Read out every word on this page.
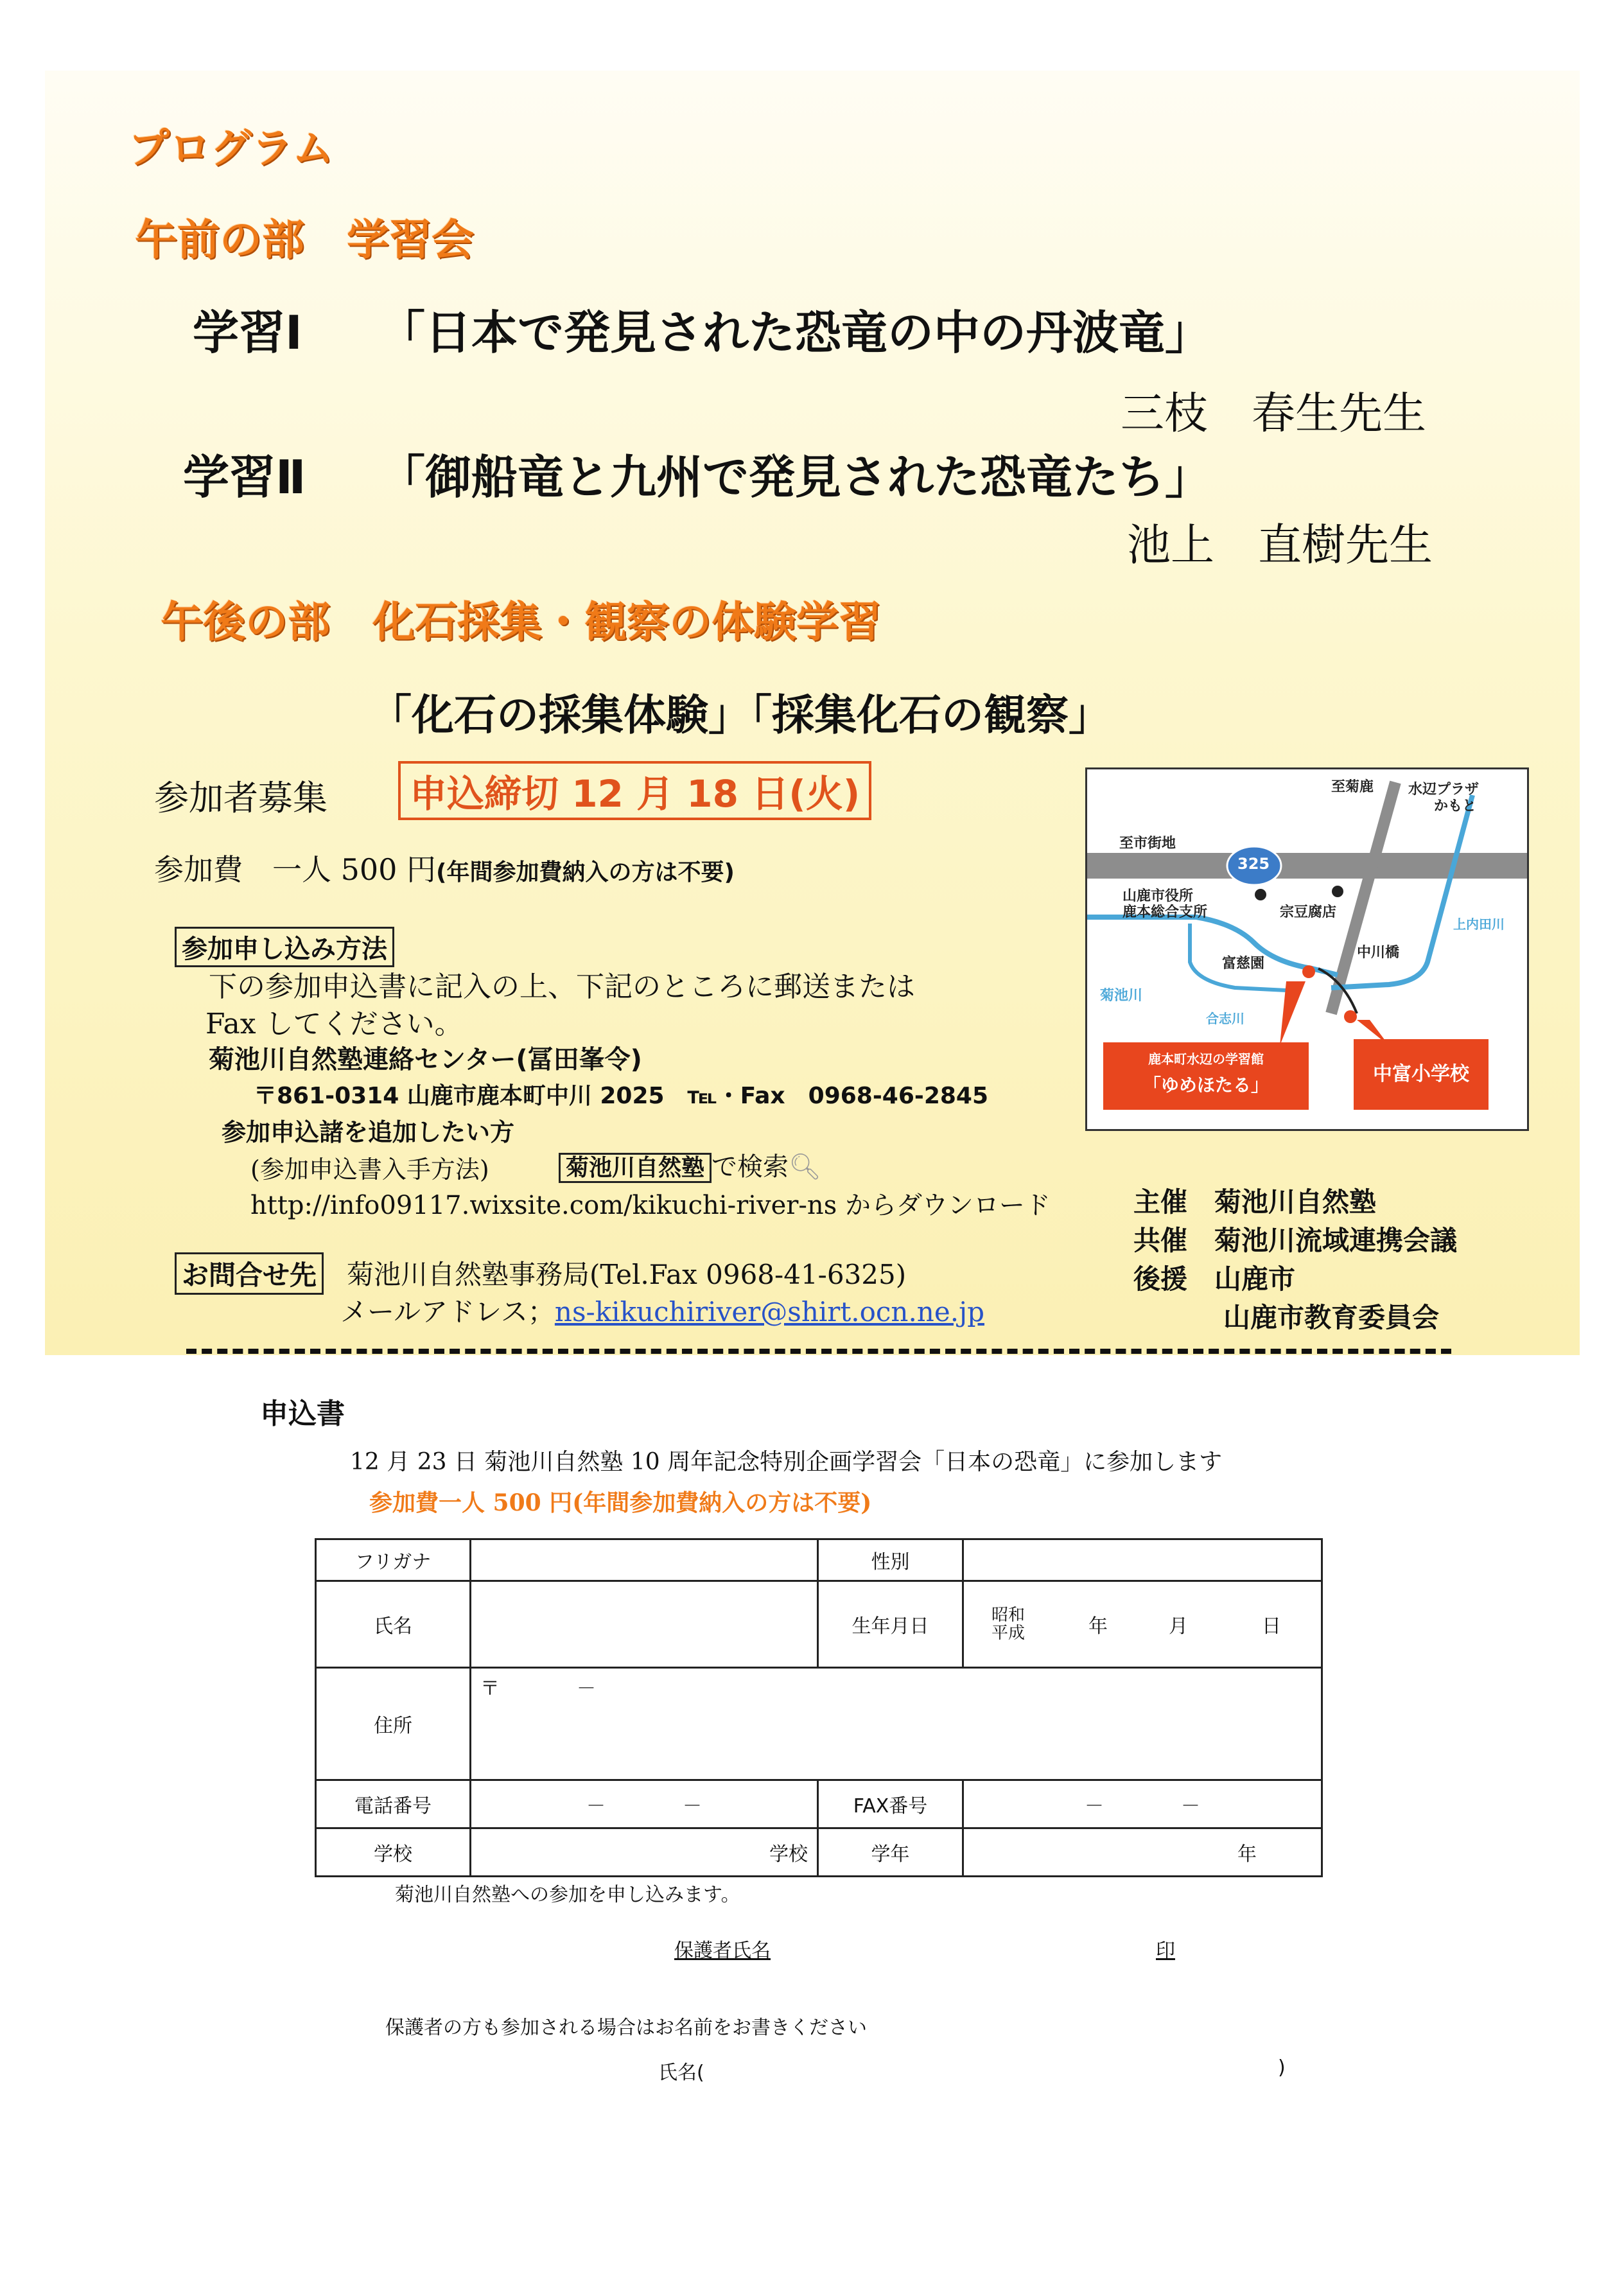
プログラム
午前の部　学習会
学習Ⅰ 「日本で発見された恐竜の中の丹波竜」
三枝　春生先生
学習Ⅱ 「御船竜と九州で発見された恐竜たち」
池上　直樹先生
午後の部　化石採集・観察の体験学習
「化石の採集体験」「採集化石の観察」
参加者募集	申込締切 12 月 18 日(火)
参加費　一人 500 円(年間参加費納入の方は不要)
参加申し込み方法
下の参加申込書に記入の上、下記のところに郵送または
Fax してください。
菊池川自然塾連絡センター(冨田峯令)
〒861-0314 山鹿市鹿本町中川 2025　℡・Fax　0968-46-2845
参加申込諸を追加したい方
(参加申込書入手方法)	菊池川自然塾 で検索🔍︎
http://info09117.wixsite.com/kikuchi-river-ns からダウンロード
お問合せ先 菊池川自然塾事務局(Tel.Fax 0968-41-6325)
メールアドレス；ns-kikuchiriver@shirt.ocn.ne.jp
主催　 菊池川自然塾
共催　 菊池川流域連携会議
後援　 山鹿市
山鹿市教育委員会
325
至菊鹿 水辺プラザ
かもと
至市街地
山鹿市役所
鹿本総合支所	宗豆腐店
上内田川
中川橋
富慈園
菊池川
合志川
鹿本町水辺の学習館
「ゆめほたる」	中富小学校
申込書
12 月 23 日 菊池川自然塾 10 周年記念特別企画学習会「日本の恐竜」に参加します
参加費一人 500 円(年間参加費納入の方は不要)
フリガナ		性別	
氏名		生年月日	昭和
平成 年 月 日

住所	〒　　　　－		
電話番号	－　　　　－	FAX番号	－　　　　－
学校	学校	学年	年
菊池川自然塾への参加を申し込みます。
保護者氏名	印
保護者の方も参加される場合はお名前をお書きください
氏名(	)
